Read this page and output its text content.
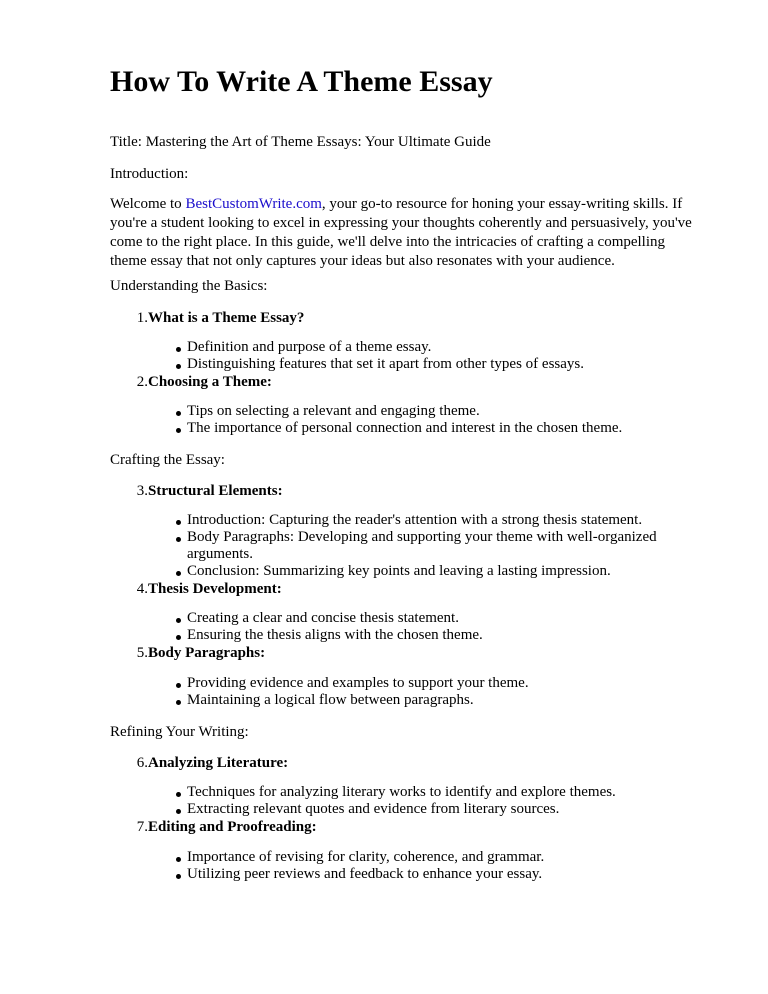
How To Write A Theme Essay

Title: Mastering the Art of Theme Essays: Your Ultimate Guide

Introduction:

Welcome to BestCustomWrite.com, your go-to resource for honing your essay-writing skills. If you're a student looking to excel in expressing your thoughts coherently and persuasively, you've come to the right place. In this guide, we'll delve into the intricacies of crafting a compelling theme essay that not only captures your ideas but also resonates with your audience.

Understanding the Basics:

1. What is a Theme Essay?
Definition and purpose of a theme essay.
Distinguishing features that set it apart from other types of essays.
2. Choosing a Theme:
Tips on selecting a relevant and engaging theme.
The importance of personal connection and interest in the chosen theme.

Crafting the Essay:

3. Structural Elements:
Introduction: Capturing the reader's attention with a strong thesis statement.
Body Paragraphs: Developing and supporting your theme with well-organized arguments.
Conclusion: Summarizing key points and leaving a lasting impression.
4. Thesis Development:
Creating a clear and concise thesis statement.
Ensuring the thesis aligns with the chosen theme.
5. Body Paragraphs:
Providing evidence and examples to support your theme.
Maintaining a logical flow between paragraphs.

Refining Your Writing:

6. Analyzing Literature:
Techniques for analyzing literary works to identify and explore themes.
Extracting relevant quotes and evidence from literary sources.
7. Editing and Proofreading:
Importance of revising for clarity, coherence, and grammar.
Utilizing peer reviews and feedback to enhance your essay.
